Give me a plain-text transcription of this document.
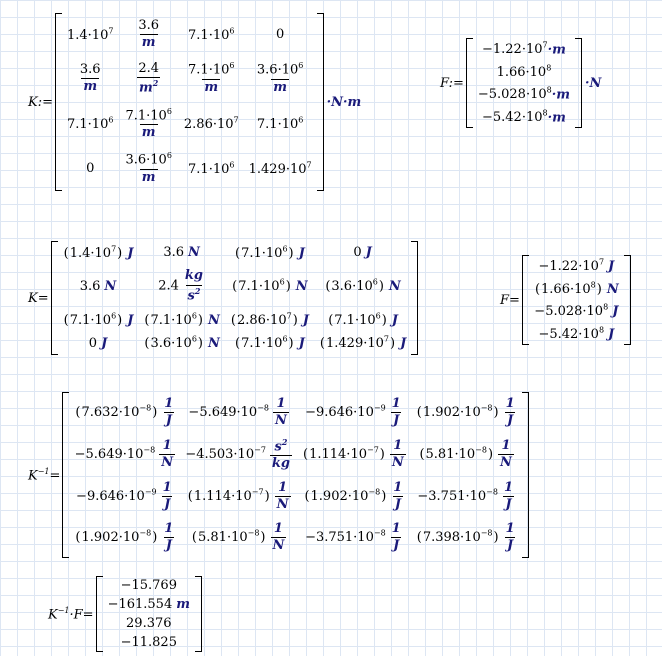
K:=
$1.4\cdot 10^7$	$\frac{3.6}{m}$	$7.1\cdot 10^6$	0

$\frac{3.6}{m}$	$\frac{2.4}{m^2}$	$\frac{7.1\cdot 10^6}{m}$	$\frac{3.6\cdot 10^6}{m}$

$7.1\cdot 10^6$	$\frac{7.1\cdot 10^6}{m}$	$2.86\cdot 10^7$	$7.1\cdot 10^6$
0	$\frac{3.6\cdot 10^6}{m}$	$7.1\cdot 10^6$	$1.429\cdot 10^7$
·N·m
F:=
$-1.22\cdot 10^7\cdot m$
$1.66\cdot 10^8$
$-5.028\cdot 10^8\cdot m$
$-5.42\cdot 10^8\cdot m$
·N
K=
$(1.4\cdot 10^7)$ J	3.6 N	$(7.1\cdot 10^6)$ J	0 J
3.6 N	$2.4 \frac{kg}{s^2}$	$(7.1\cdot 10^6)$ N	$(3.6\cdot 10^6)$ N
$(7.1\cdot 10^6)$ J	$(7.1\cdot 10^6)$ N	$(2.86\cdot 10^7)$ J	$(7.1\cdot 10^6)$ J
0 J	$(3.6\cdot 10^6)$ N	$(7.1\cdot 10^6)$ J	$(1.429\cdot 10^7)$ J
F=
$-1.22\cdot 10^7$ J
$(1.66\cdot 10^8)$ N
$-5.028\cdot 10^8$ J
$-5.42\cdot 10^8$ J
$K^{-1}=$
$(7.632\cdot 10^{-8}) \frac{1}{J}$	$-5.649\cdot 10^{-8} \frac{1}{N}$	$-9.646\cdot 10^{-9} \frac{1}{J}$	$(1.902\cdot 10^{-8}) \frac{1}{J}$

$-5.649\cdot 10^{-8} \frac{1}{N}$	$-4.503\cdot 10^{-7} \frac{s^2}{kg}$	$(1.114\cdot 10^{-7}) \frac{1}{N}$	$(5.81\cdot 10^{-8}) \frac{1}{N}$

$-9.646\cdot 10^{-9} \frac{1}{J}$	$(1.114\cdot 10^{-7}) \frac{1}{N}$	$(1.902\cdot 10^{-8}) \frac{1}{J}$	$-3.751\cdot 10^{-8} \frac{1}{J}$

$(1.902\cdot 10^{-8}) \frac{1}{J}$	$(5.81\cdot 10^{-8}) \frac{1}{N}$	$-3.751\cdot 10^{-8} \frac{1}{J}$	$(7.398\cdot 10^{-8}) \frac{1}{J}$
$K^{-1}\cdot F=$
−15.769
−161.554 m
29.376
−11.825
